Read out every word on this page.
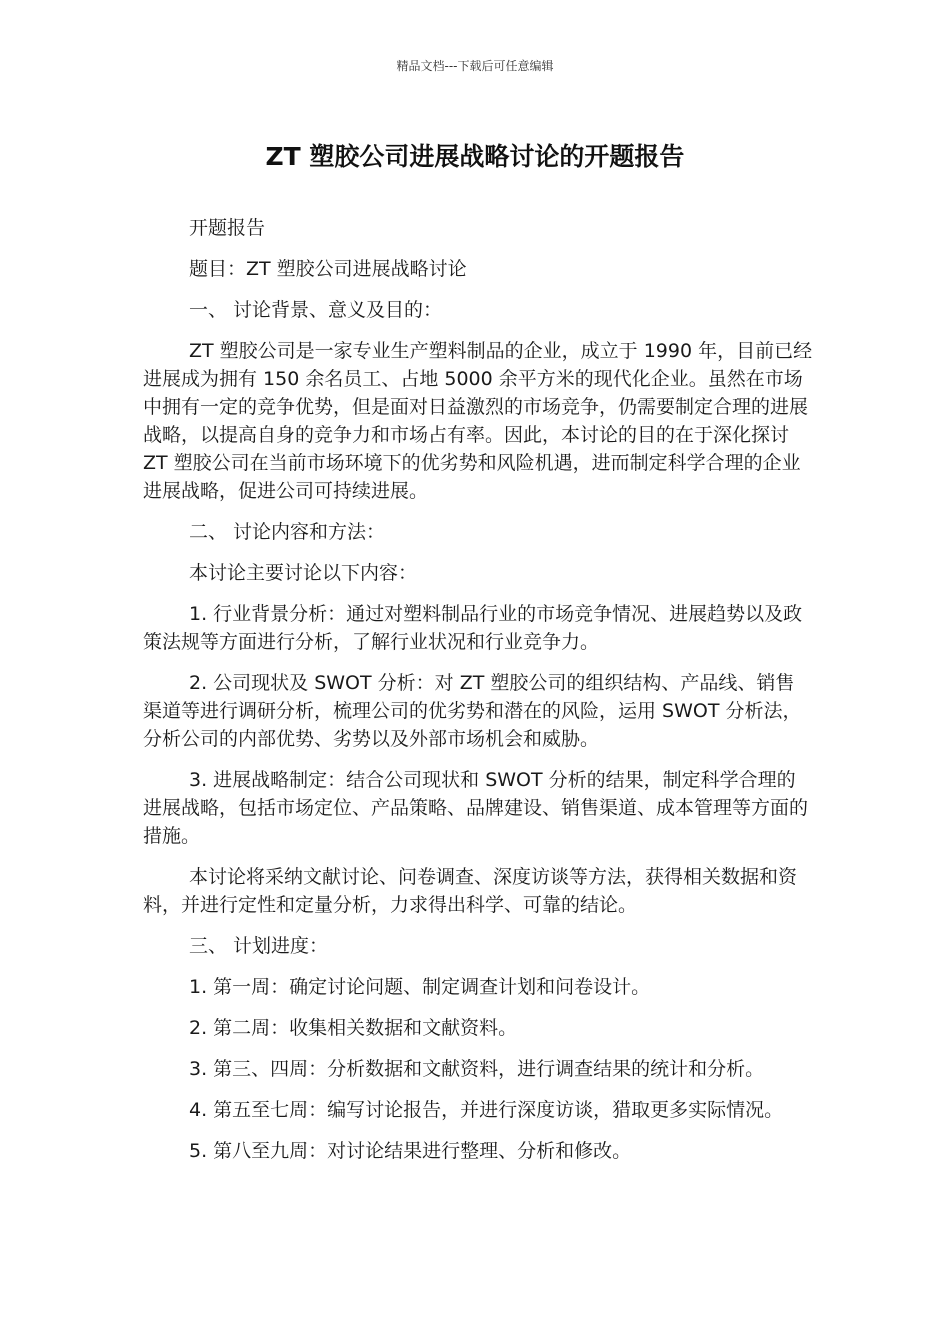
精品文档---下载后可任意编辑
ZT 塑胶公司进展战略讨论的开题报告

开题报告

题目：ZT 塑胶公司进展战略讨论

一、 讨论背景、意义及目的：

ZT 塑胶公司是一家专业生产塑料制品的企业，成立于 1990 年，目前已经进展成为拥有 150 余名员工、占地 5000 余平方米的现代化企业。虽然在市场中拥有一定的竞争优势，但是面对日益激烈的市场竞争，仍需要制定合理的进展战略，以提高自身的竞争力和市场占有率。因此，本讨论的目的在于深化探讨 ZT 塑胶公司在当前市场环境下的优劣势和风险机遇，进而制定科学合理的企业进展战略，促进公司可持续进展。

二、 讨论内容和方法：

本讨论主要讨论以下内容：

1. 行业背景分析：通过对塑料制品行业的市场竞争情况、进展趋势以及政策法规等方面进行分析，了解行业状况和行业竞争力。

2. 公司现状及 SWOT 分析：对 ZT 塑胶公司的组织结构、产品线、销售渠道等进行调研分析，梳理公司的优劣势和潜在的风险，运用 SWOT 分析法，分析公司的内部优势、劣势以及外部市场机会和威胁。

3. 进展战略制定：结合公司现状和 SWOT 分析的结果，制定科学合理的进展战略，包括市场定位、产品策略、品牌建设、销售渠道、成本管理等方面的措施。

本讨论将采纳文献讨论、问卷调查、深度访谈等方法，获得相关数据和资料，并进行定性和定量分析，力求得出科学、可靠的结论。

三、 计划进度：

1. 第一周：确定讨论问题、制定调查计划和问卷设计。

2. 第二周：收集相关数据和文献资料。

3. 第三、四周：分析数据和文献资料，进行调查结果的统计和分析。

4. 第五至七周：编写讨论报告，并进行深度访谈，猎取更多实际情况。

5. 第八至九周：对讨论结果进行整理、分析和修改。
